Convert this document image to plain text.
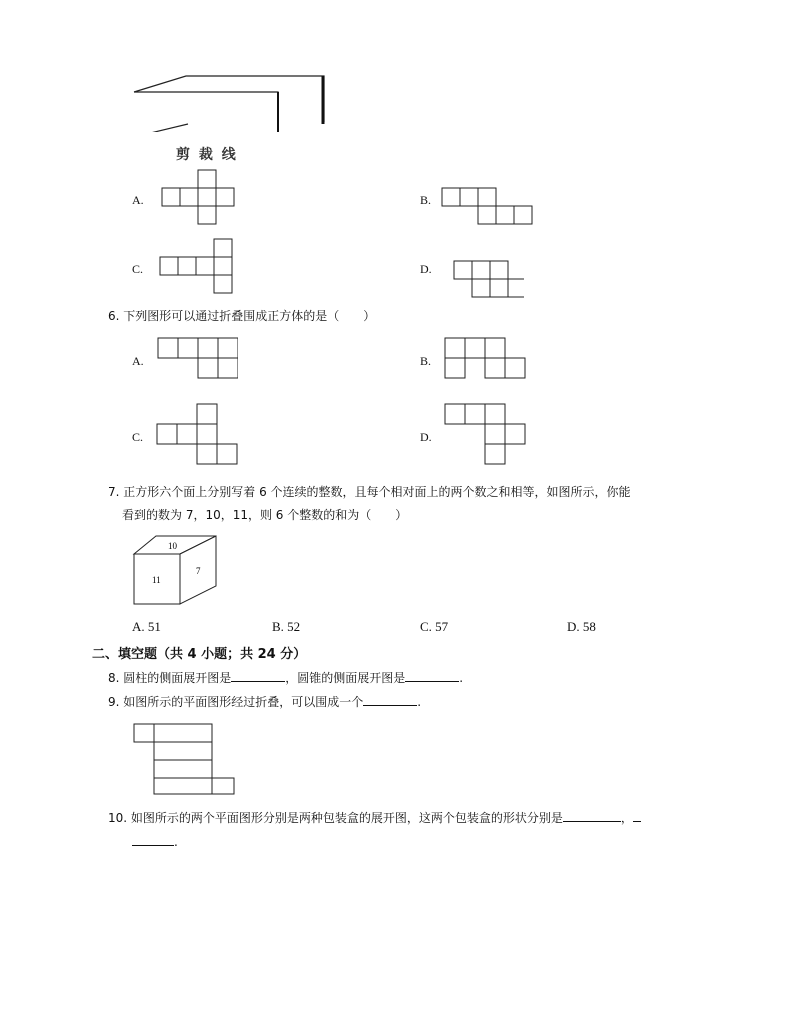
剪 裁 线
A.	B.
C.	D.
6. 下列图形可以通过折叠围成正方体的是（　　）
A.	B.
C.	D.
7. 正方形六个面上分别写着 6 个连续的整数，且每个相对面上的两个数之和相等，如图所示，你能
看到的数为 7，10，11，则 6 个整数的和为（　　）
10
11
7
A. 51	B. 52	C. 57	D. 58
二、填空题（共 4 小题；共 24 分）
8. 圆柱的侧面展开图是	，圆锥的侧面展开图是	.
9. 如图所示的平面图形经过折叠，可以围成一个	.
10. 如图所示的两个平面图形分别是两种包装盒的展开图，这两个包装盒的形状分别是	，
.
